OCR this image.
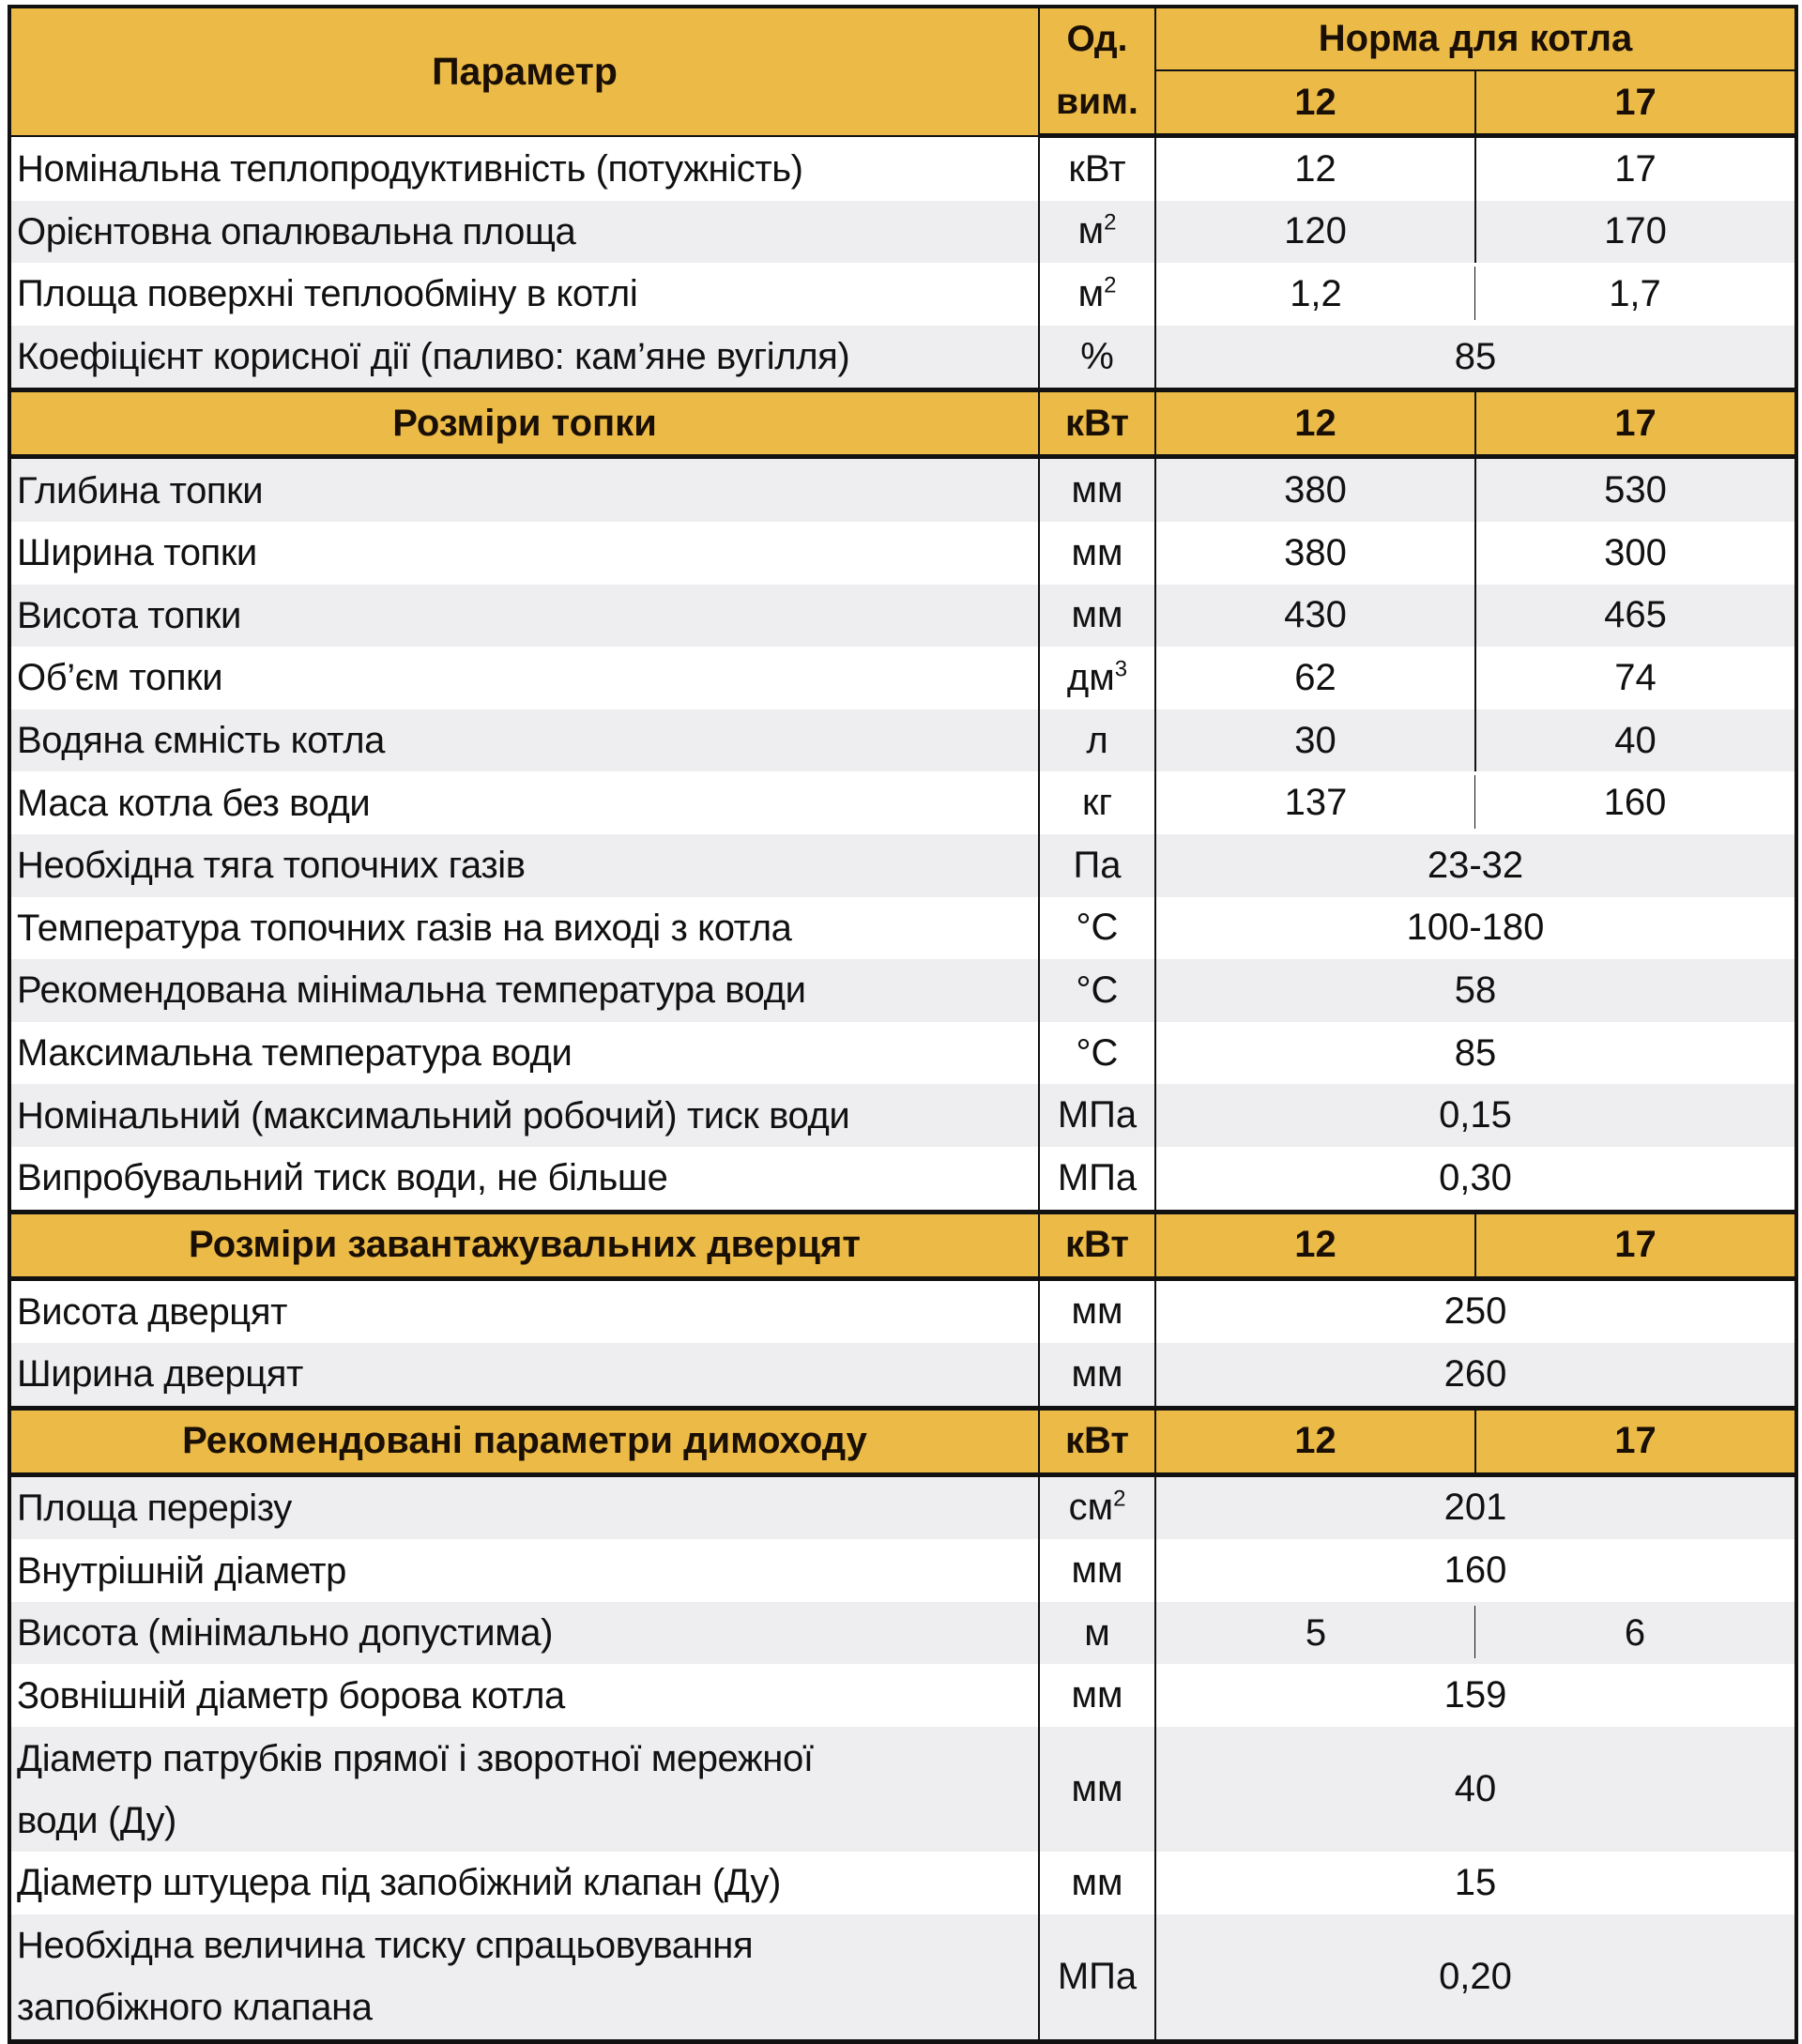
Параметр	Од.	Норма для котла	
	вим.	12	17
Номінальна теплопродуктивність (потужність)	кВт	12	17
Орієнтовна опалювальна площа	$м^2$	120	170
Площа поверхні теплообміну в котлі	$м^2$	1,2	1,7
Коефіцієнт корисної дії (паливо: кам’яне вугілля)	%	85	
Розміри топки	кВт	12	17
Глибина топки	мм	380	530
Ширина топки	мм	380	300
Висота топки	мм	430	465
Об’єм топки	$дм^3$	62	74
Водяна ємність котла	л	30	40
Маса котла без води	кг	137	160
Необхідна тяга топочних газів	Па	23-32	
Температура топочних газів на виході з котла	°С	100-180	
Рекомендована мінімальна температура води	°С	58	
Максимальна температура води	°С	85	
Номінальний (максимальний робочий) тиск води	МПа	0,15	
Випробувальний тиск води, не більше	МПа	0,30	
Розміри завантажувальних дверцят	кВт	12	17
Висота дверцят	мм	250	
Ширина дверцят	мм	260	
Рекомендовані параметри димоходу	кВт	12	17
Площа перерізу	$см^2$	201	
Внутрішній діаметр	мм	160	
Висота (мінімально допустима)	м	5	6
Зовнішній діаметр борова котла	мм	159	

Діаметр патрубків прямої і зворотної мережної
води (Ду)	мм	40	
Діаметр штуцера під запобіжний клапан (Ду)	мм	15	

Необхідна величина тиску спрацьовування
запобіжного клапана	МПа	0,20	
